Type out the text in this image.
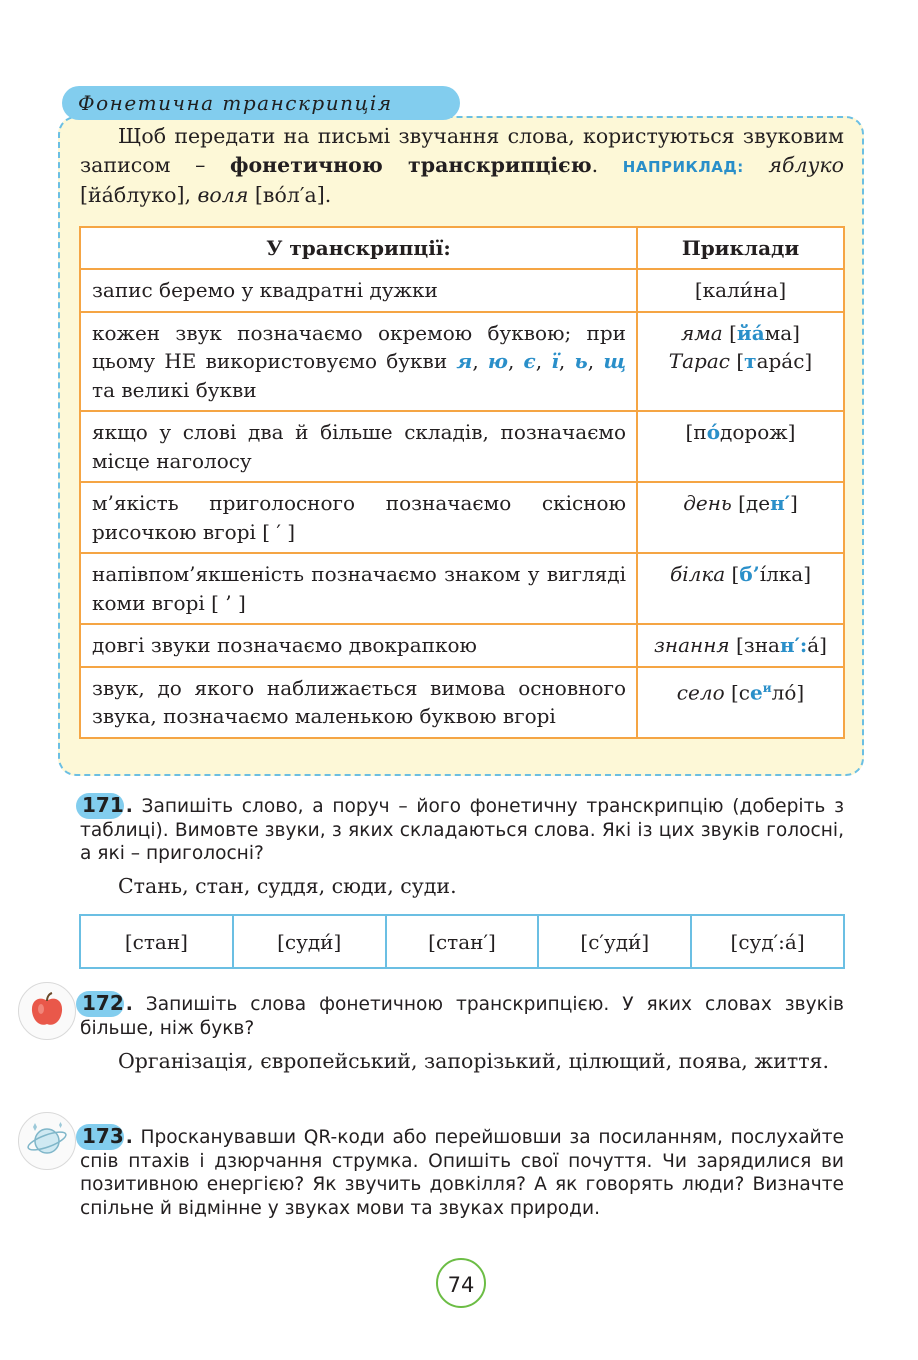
Фонетична транскрипція

Щоб передати на письмі звучання слова, користуються звуковим записом – фонетичною транскрипцією. НАПРИКЛАД: яблуко [йа́блуко], воля [во́л′а].

У транскрипції:	Приклади
запис беремо у квадратні дужки	[кали́на]
кожен звук позначаємо окремою буквою; при цьому НЕ використовуємо букви я, ю, є, ї, ь, щ та великі букви	яма [йа́ма]
Тарас [тара́с]

якщо у слові два й більше складів, позначаємо місце наголосу	[по́дорож]
м’якість приголосного позначаємо скісною рисочкою вгорі [ ′ ]	день [ден′]
напівпом’якшеність позначаємо знаком у вигляді коми вгорі [ ’ ]	білка [б’і́лка]
довгі звуки позначаємо двокрапкою	знання [знан′:а́]
звук, до якого наближається вимова основного звука, позначаємо маленькою буквою вгорі	село $[се^ило́]$
171 . Запишіть слово, а поруч – його фонетичну транскрипцію (доберіть з таблиці). Вимовте звуки, з яких складаються слова. Які із цих звуків голосні, а які – приголосні?
Стань, стан, суддя, сюди, суди.
[стан]	[суди́]	[стан′]	[с′уди́]	[суд′:а́]
172 . Запишіть слова фонетичною транскрипцією. У яких словах звуків більше, ніж букв?
Організація, європейський, запорізький, цілющий, поява, життя.
173 . Просканувавши QR-коди або перейшовши за посиланням, послухайте спів птахів і дзюрчання струмка. Опишіть свої почуття. Чи зарядилися ви позитивною енергією? Як звучить довкілля? А як говорять люди? Визначте спільне й відмінне у звуках мови та звуках природи.
74
